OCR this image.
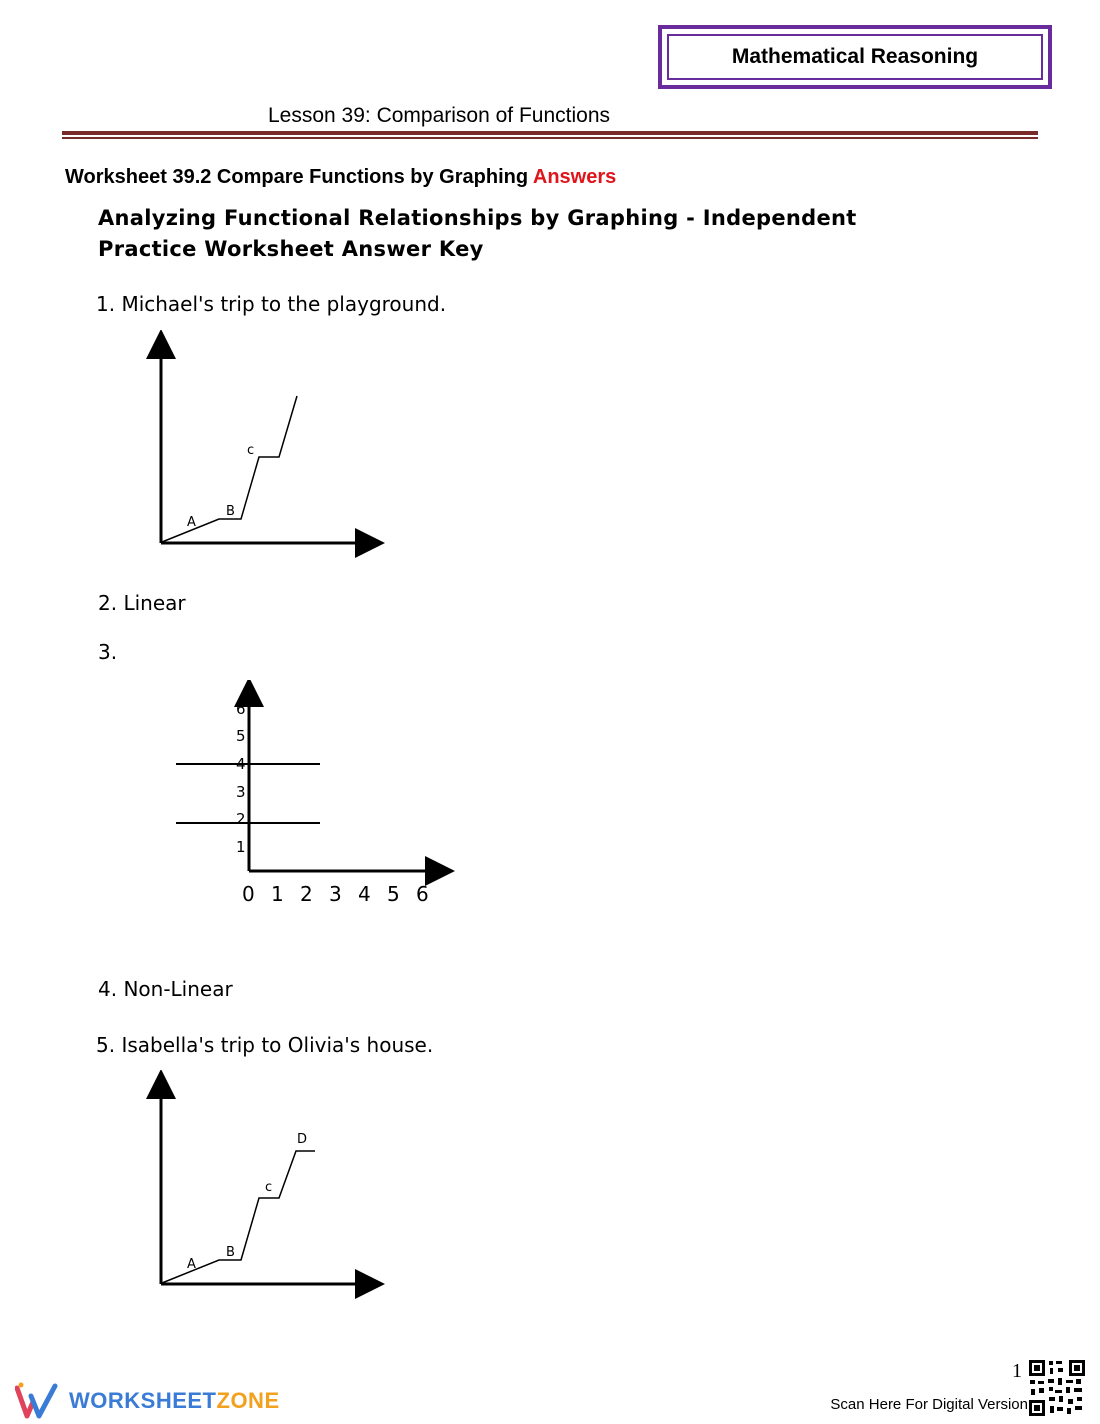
Mathematical Reasoning
Lesson 39: Comparison of Functions
Worksheet 39.2 Compare Functions by Graphing Answers
Analyzing Functional Relationships by Graphing - Independent
Practice Worksheet Answer Key
1. Michael's trip to the playground.
A
B
c
2. Linear
3.
1
2
3
4
5
6
0 1 2 3 4 5 6
4. Non-Linear
5. Isabella's trip to Olivia's house.
A
B
c
D
WORKSHEETZONE
1
Scan Here For Digital Version
